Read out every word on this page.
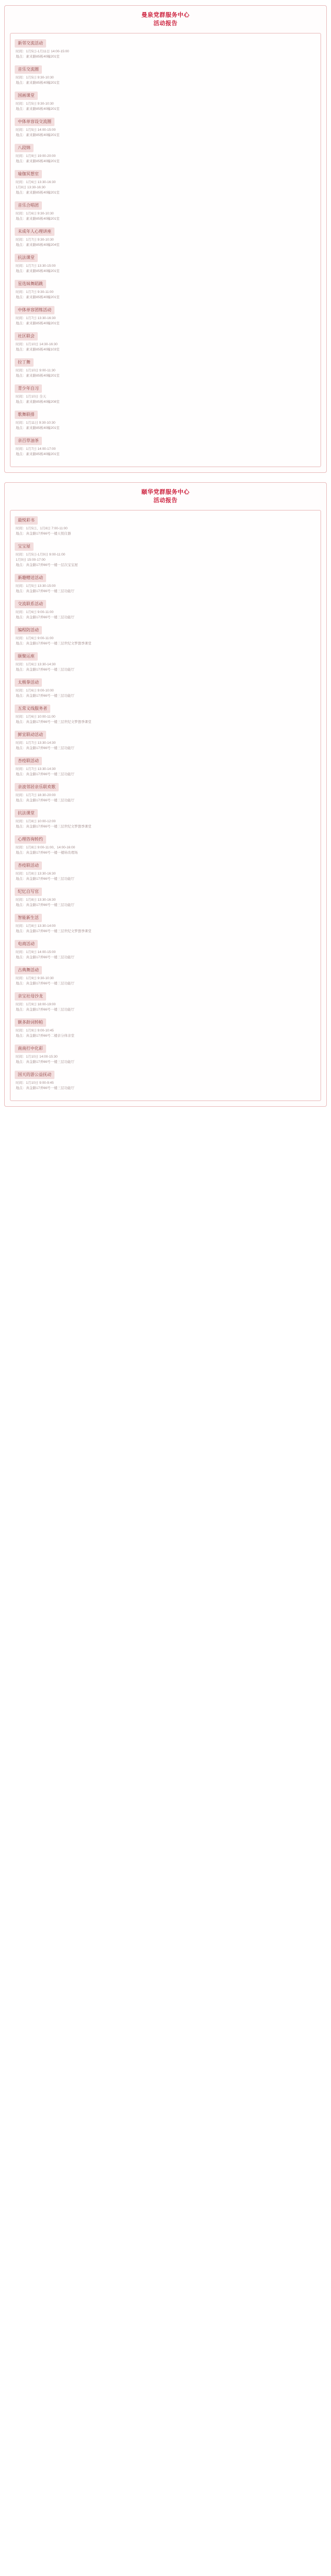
曼泉党群服务中心
活动报告
新邻交流活动
时间：1月5日-1月11日 14:00-15:00
地点：素来路85栋40幢201室
音乐交流圈
时间：1月5日 9:30-10:30
地点：素来路85栋40幢201室
国画课堂
时间：1月5日 9:30-10:30
地点：素来路85栋40幢201室
中体单容设交流圈
时间：1月5日 14:00-15:00
地点：素来路85栋40幢201室
八段锦
时间：1月9日 19:00-20:00
地点：素来路85栋40幢201室
瑜伽冥想室
时间：1月6日 13:30-16:30
1月8日 13:30-16:30
地点：素来路85栋40幢201室
音乐合唱团
时间：1月6日 9:30-10:30
地点：素来路85栋40幢201室
未成年人心理讲座
时间：1月7日 9:30-10:30
地点：素来路85栋40幢204室
抗法课堂
时间：1月7日 13:30-15:00
地点：素来路85栋40幢201室
星选妹舞蹈跳
时间：1月7日 9:30-11:00
地点：素来路85栋40幢201室
中体单容团练活动
时间：1月7日 13:30-16:30
地点：素来路85栋40幢201室
社区联会
时间：1月10日 14:30-16:30
地点：素来路85栋40幢103室
拉丁舞
时间：1月10日 9:00-11:30
地点：素来路85栋40幢201室
青少年自习
时间：1月10日 全天
地点：素来路85栋40幢208室
歌舞联排
时间：1月11日 9:30-10:30
地点：素来路85栋40幢201室
亲百草油茶
时间：1月7日 14:00-17:00
地点：素来路85栋40幢201室
颐华党群服务中心
活动报告
最悦彩书
时间：1月5日、1月8日 7:00-11:00
地点：真金路17弄66号一楼天悦仪器
宝宝屋
时间：1月5日-1月9日 9:00-11:00
1月9日 15:00-17:00
地点：真金路17弄66号一楼一层次宝宝屋
新趣赠送活动
时间：1月5日 13:30-15:00
地点：真金路17弄66号一楼三层功能厅
交流联系活动
时间：1月6日 9:00-11:00
地点：真金路17弄66号一楼三层功能厅
编程防活动
时间：1月6日 9:00-11:00
地点：真金路17弄66号一楼三层世纪文梦想季课堂
颐聚运座
时间：1月6日 13:30-14:30
地点：真金路17弄66号一楼三层功能厅
太极拳活动
时间：1月6日 9:00-10:00
地点：真金路17弄66号一楼三层功能厅
五常义线服务者
时间：1月6日 10:00-11:00
地点：真金路17弄66号一楼三层世纪文梦想季课堂
鲜宜联动活动
时间：1月7日 13:30-14:30
地点：真金路17弄66号一楼三层功能厅
杏疫联活动
时间：1月7日 13:30-14:30
地点：真金路17弄66号一楼三层功能厅
亲波邻居亲乐联欢歌
时间：1月7日 18:30-20:00
地点：真金路17弄66号一楼三层功能厅
抗法课堂
时间：1月8日 10:00-12:00
地点：真金路17弄66号一楼三层世纪文梦想季课堂
心理咨询转约
时间：1月8日 9:00-11:00、14:00-16:00
地点：真金路17弄66号一楼一楼转改理场
杏疫联活动
时间：1月8日 13:30-16:30
地点：真金路17弄66号一楼三层功能厅
纪忆自写官
时间：1月8日 13:30-16:30
地点：真金路17弄66号一楼三层功能厅
智能新生活
时间：1月8日 13:30-14:00
地点：真金路17弄66号一楼三层世纪文梦想季课堂
电商活动
时间：1月9日 14:00-15:00
地点：真金路17弄66号一楼三层功能厅
古典舞活动
时间：1月9日 9:30-10:30
地点：真金路17弄66号一楼三层功能厅
亲宝社母沙龙
时间：1月9日 18:00-19:00
地点：真金路17弄66号一楼三层功能厅
额多龄词转帕
时间：1月9日 9:00-10:45
地点：真金路17弄66号二楼亲分体亲堂
南南打中化彩
时间：1月10日 14:00-15:30
地点：真金路17弄66号一楼三层功能厅
国天的游公益抚动
时间：1月10日 9:00-9:45
地点：真金路17弄66号一楼三层功能厅
